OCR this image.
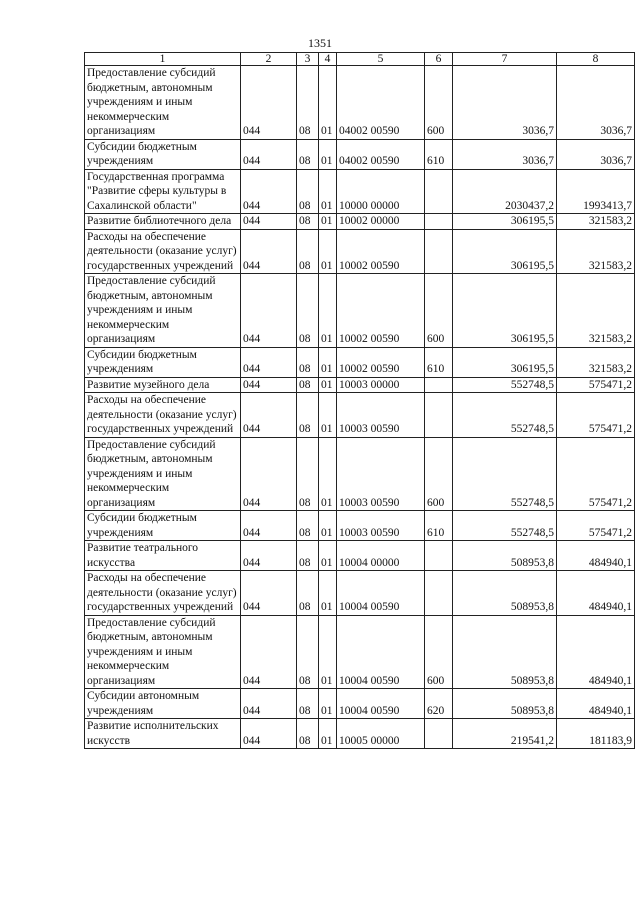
1351
1	2	3	4	5	6	7	8
Предоставление субсидий бюджетным, автономным учреждениям и иным некоммерческим организациям	044	08	01	04002 00590	600	3036,7	3036,7
Субсидии бюджетным учреждениям	044	08	01	04002 00590	610	3036,7	3036,7
Государственная программа "Развитие сферы культуры в Сахалинской области"	044	08	01	10000 00000		2030437,2	1993413,7
Развитие библиотечного дела	044	08	01	10002 00000		306195,5	321583,2
Расходы на обеспечение деятельности (оказание услуг) государственных учреждений	044	08	01	10002 00590		306195,5	321583,2
Предоставление субсидий бюджетным, автономным учреждениям и иным некоммерческим организациям	044	08	01	10002 00590	600	306195,5	321583,2
Субсидии бюджетным учреждениям	044	08	01	10002 00590	610	306195,5	321583,2
Развитие музейного дела	044	08	01	10003 00000		552748,5	575471,2
Расходы на обеспечение деятельности (оказание услуг) государственных учреждений	044	08	01	10003 00590		552748,5	575471,2
Предоставление субсидий бюджетным, автономным учреждениям и иным некоммерческим организациям	044	08	01	10003 00590	600	552748,5	575471,2
Субсидии бюджетным учреждениям	044	08	01	10003 00590	610	552748,5	575471,2
Развитие театрального искусства	044	08	01	10004 00000		508953,8	484940,1
Расходы на обеспечение деятельности (оказание услуг) государственных учреждений	044	08	01	10004 00590		508953,8	484940,1
Предоставление субсидий бюджетным, автономным учреждениям и иным некоммерческим организациям	044	08	01	10004 00590	600	508953,8	484940,1
Субсидии автономным учреждениям	044	08	01	10004 00590	620	508953,8	484940,1
Развитие исполнительских искусств	044	08	01	10005 00000		219541,2	181183,9
